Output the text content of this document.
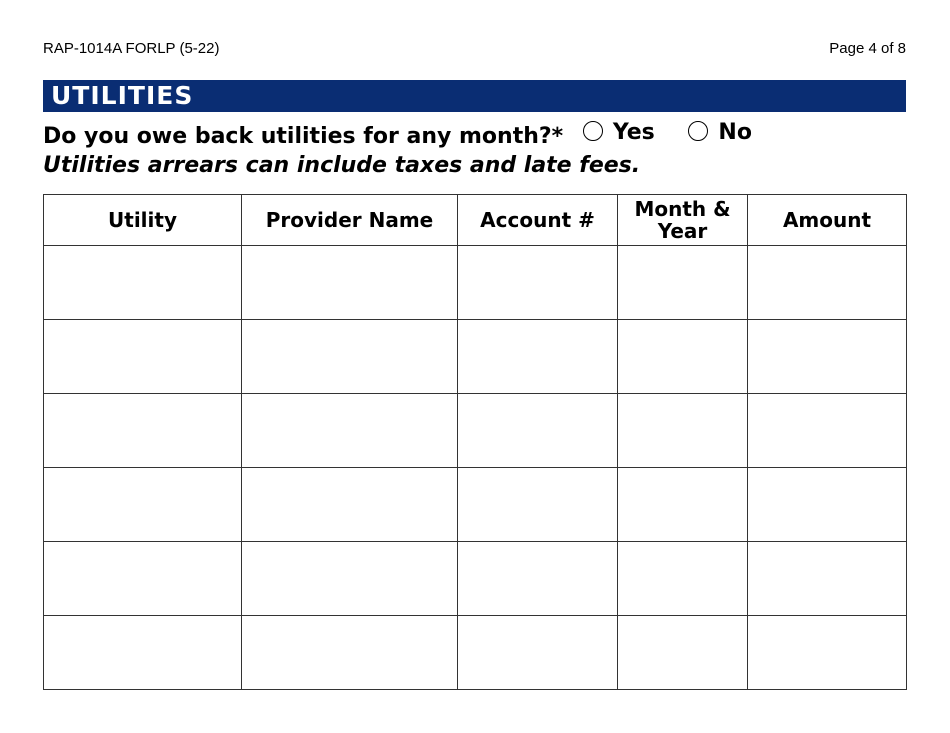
RAP-1014A FORLP (5-22)	Page 4 of 8
UTILITIES
Do you owe back utilities for any month?* Yes
	No
Utilities arrears can include taxes and late fees.
Utility	Provider Name	Account #	Month & Year	Amount
